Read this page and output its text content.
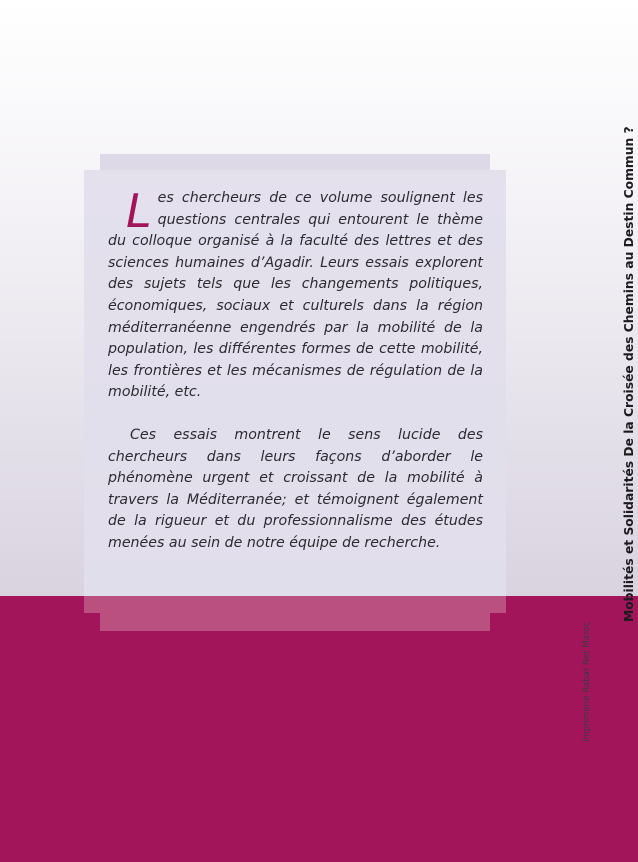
Les chercheurs de ce volume soulignent les questions centrales qui entourent le thème du colloque organisé à la faculté des lettres et des sciences humaines d’Agadir. Leurs essais explorent des sujets tels que les changements politiques, économiques, sociaux et culturels dans la région méditerranéenne engendrés par la mobilité de la population, les différentes formes de cette mobilité, les frontières et les mécanismes de régulation de la mobilité, etc.

Ces essais montrent le sens lucide des chercheurs dans leurs façons d’aborder le phénomène urgent et croissant de la mobilité à travers la Méditerranée; et témoignent également de la rigueur et du professionnalisme des études menées au sein de notre équipe de recherche.	Mobilités et Solidarités De la Croisée des Chemins au Destin Commun ?
Imprimerie Rabat Net Maroc
